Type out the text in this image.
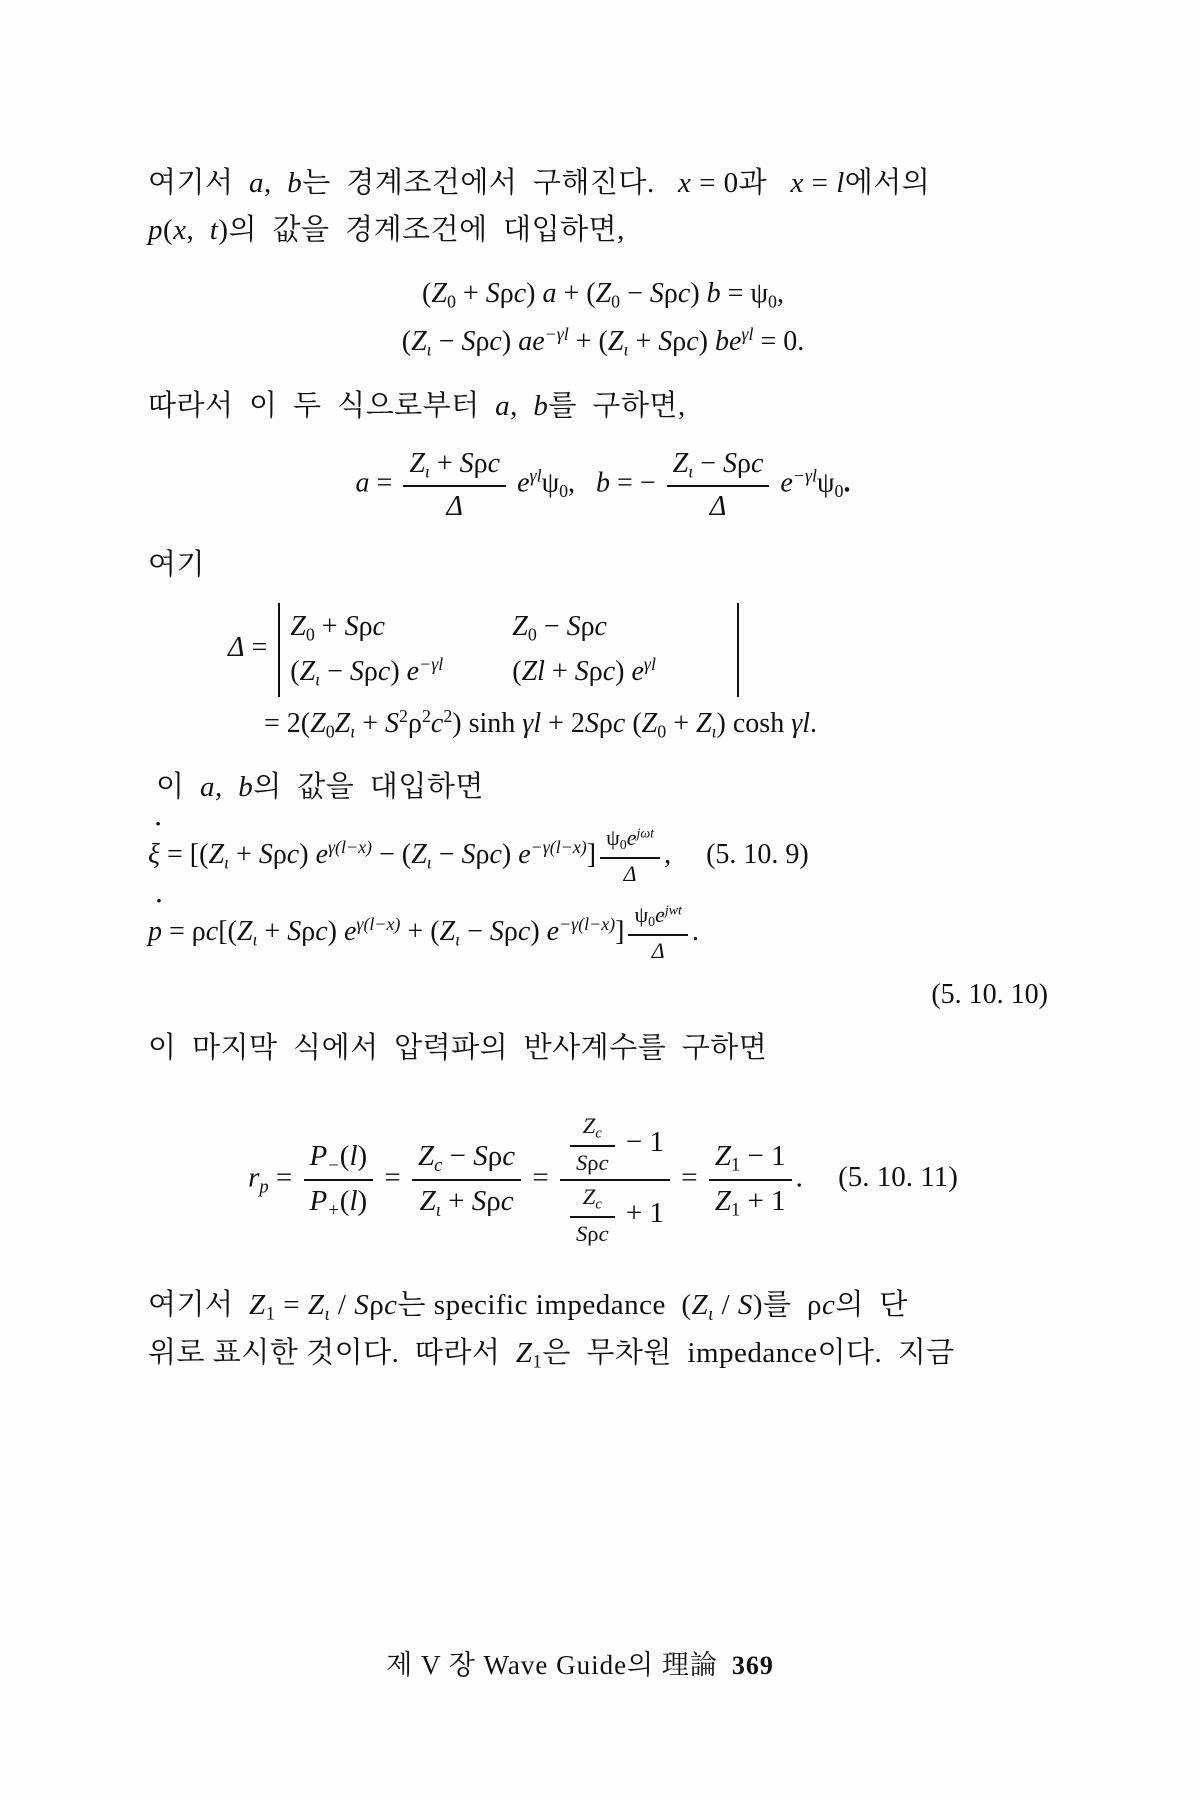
여기서  a,  b는  경계조건에서  구해진다.   x = 0과   x = l에서의
p(x,  t)의  값을  경계조건에  대입하면,

(Z0 + Sρc) a + (Z0 − Sρc) b = ψ0,
$(Z_\iota - S\rho c) ae^{-\gamma l} + (Z_\iota + S\rho c) be^{\gamma l} = 0$.

따라서  이  두  식으로부터  a,  b를  구하면,

$a = \frac{Z_\iota + S\rho c}{\Delta} e^{\gamma l}\psi 0$,   b = − $\frac{Z_\iota - S\rho c}{\Delta} e^{-\gamma l}\psi 0$.

여기

Δ =
Z0 + Sρc	Z0 − Sρc
$(Z_\iota - S\rho c)$ $e^{-\gamma l}$ (Zl + Sρc) $e^{\gamma l}$
= $2(Z0Z_\iota + S^2\rho^2c^2)$ sinh γl + 2Sρc $(Z0 + Z_\iota)$ cosh γl.

이  a,  b의  값을  대입하면

ξ · = [$(Z_\iota + S\rho c) e^{\gamma(l-x)} - (Z_\iota - S\rho c)$ $e^{-\gamma(l-x)}] \frac{\psi 0e^{j\omega t}}{\Delta}$ , (5. 10. 9)
p · = $\rho c[(Z_\iota + S\rho c) e^{\gamma(l-x)} + (Z_\iota - S\rho c)$ $e^{-\gamma(l-x)}] \frac{\psi 0e^{jwt}}{\Delta}$ .
(5. 10. 10)

이  마지막  식에서  압력파의  반사계수를  구하면

$r_p = \frac{P_-(l)}{P_+(l)} = \frac{Z_c - S\rho c}{Z_\iota + S\rho c} = \frac{\frac{Z_c}{\text{Sρc}} - 1}{\frac{Z_c}{\text{Sρc}} + 1} = \frac{Z1 - 1}{Z1 + 1}$ . (5. 10. 11)

여기서  $Z1 = Z_\iota / S\rho c$는 specific impedance  $(Z_\iota / S)$를  ρc의  단
위로 표시한 것이다.  따라서  Z1은  무차원  impedance이다.  지금

제 V 장 Wave Guide의 理論 369
